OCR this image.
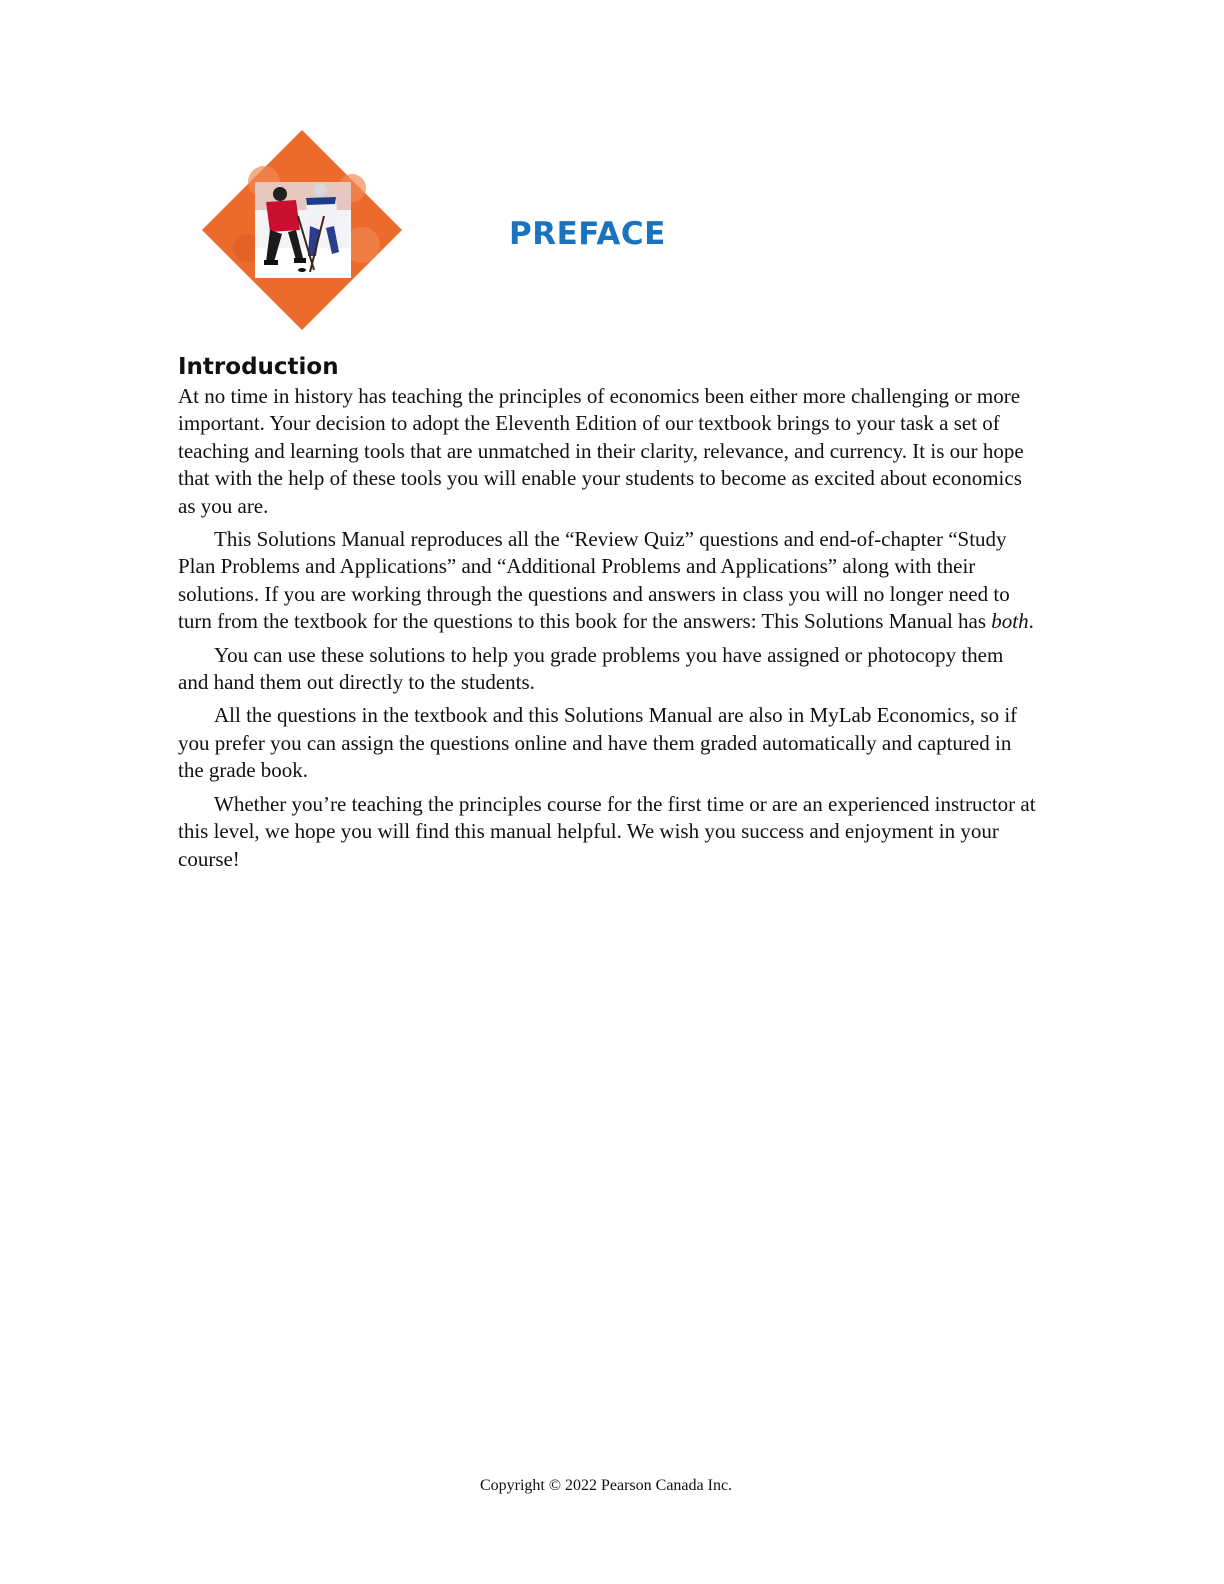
PREFACE
Introduction

At no time in history has teaching the principles of economics been either more challenging or more important. Your decision to adopt the Eleventh Edition of our textbook brings to your task a set of teaching and learning tools that are unmatched in their clarity, relevance, and currency. It is our hope that with the help of these tools you will enable your students to become as excited about economics as you are.

This Solutions Manual reproduces all the “Review Quiz” questions and end-of-chapter “Study Plan Problems and Applications” and “Additional Problems and Applications” along with their solutions. If you are working through the questions and answers in class you will no longer need to turn from the textbook for the questions to this book for the answers: This Solutions Manual has both.

You can use these solutions to help you grade problems you have assigned or photocopy them and hand them out directly to the students.

All the questions in the textbook and this Solutions Manual are also in MyLab Economics, so if you prefer you can assign the questions online and have them graded automatically and captured in the grade book.

Whether you’re teaching the principles course for the first time or are an experienced instructor at this level, we hope you will find this manual helpful. We wish you success and enjoyment in your course!

Copyright © 2022 Pearson Canada Inc.
